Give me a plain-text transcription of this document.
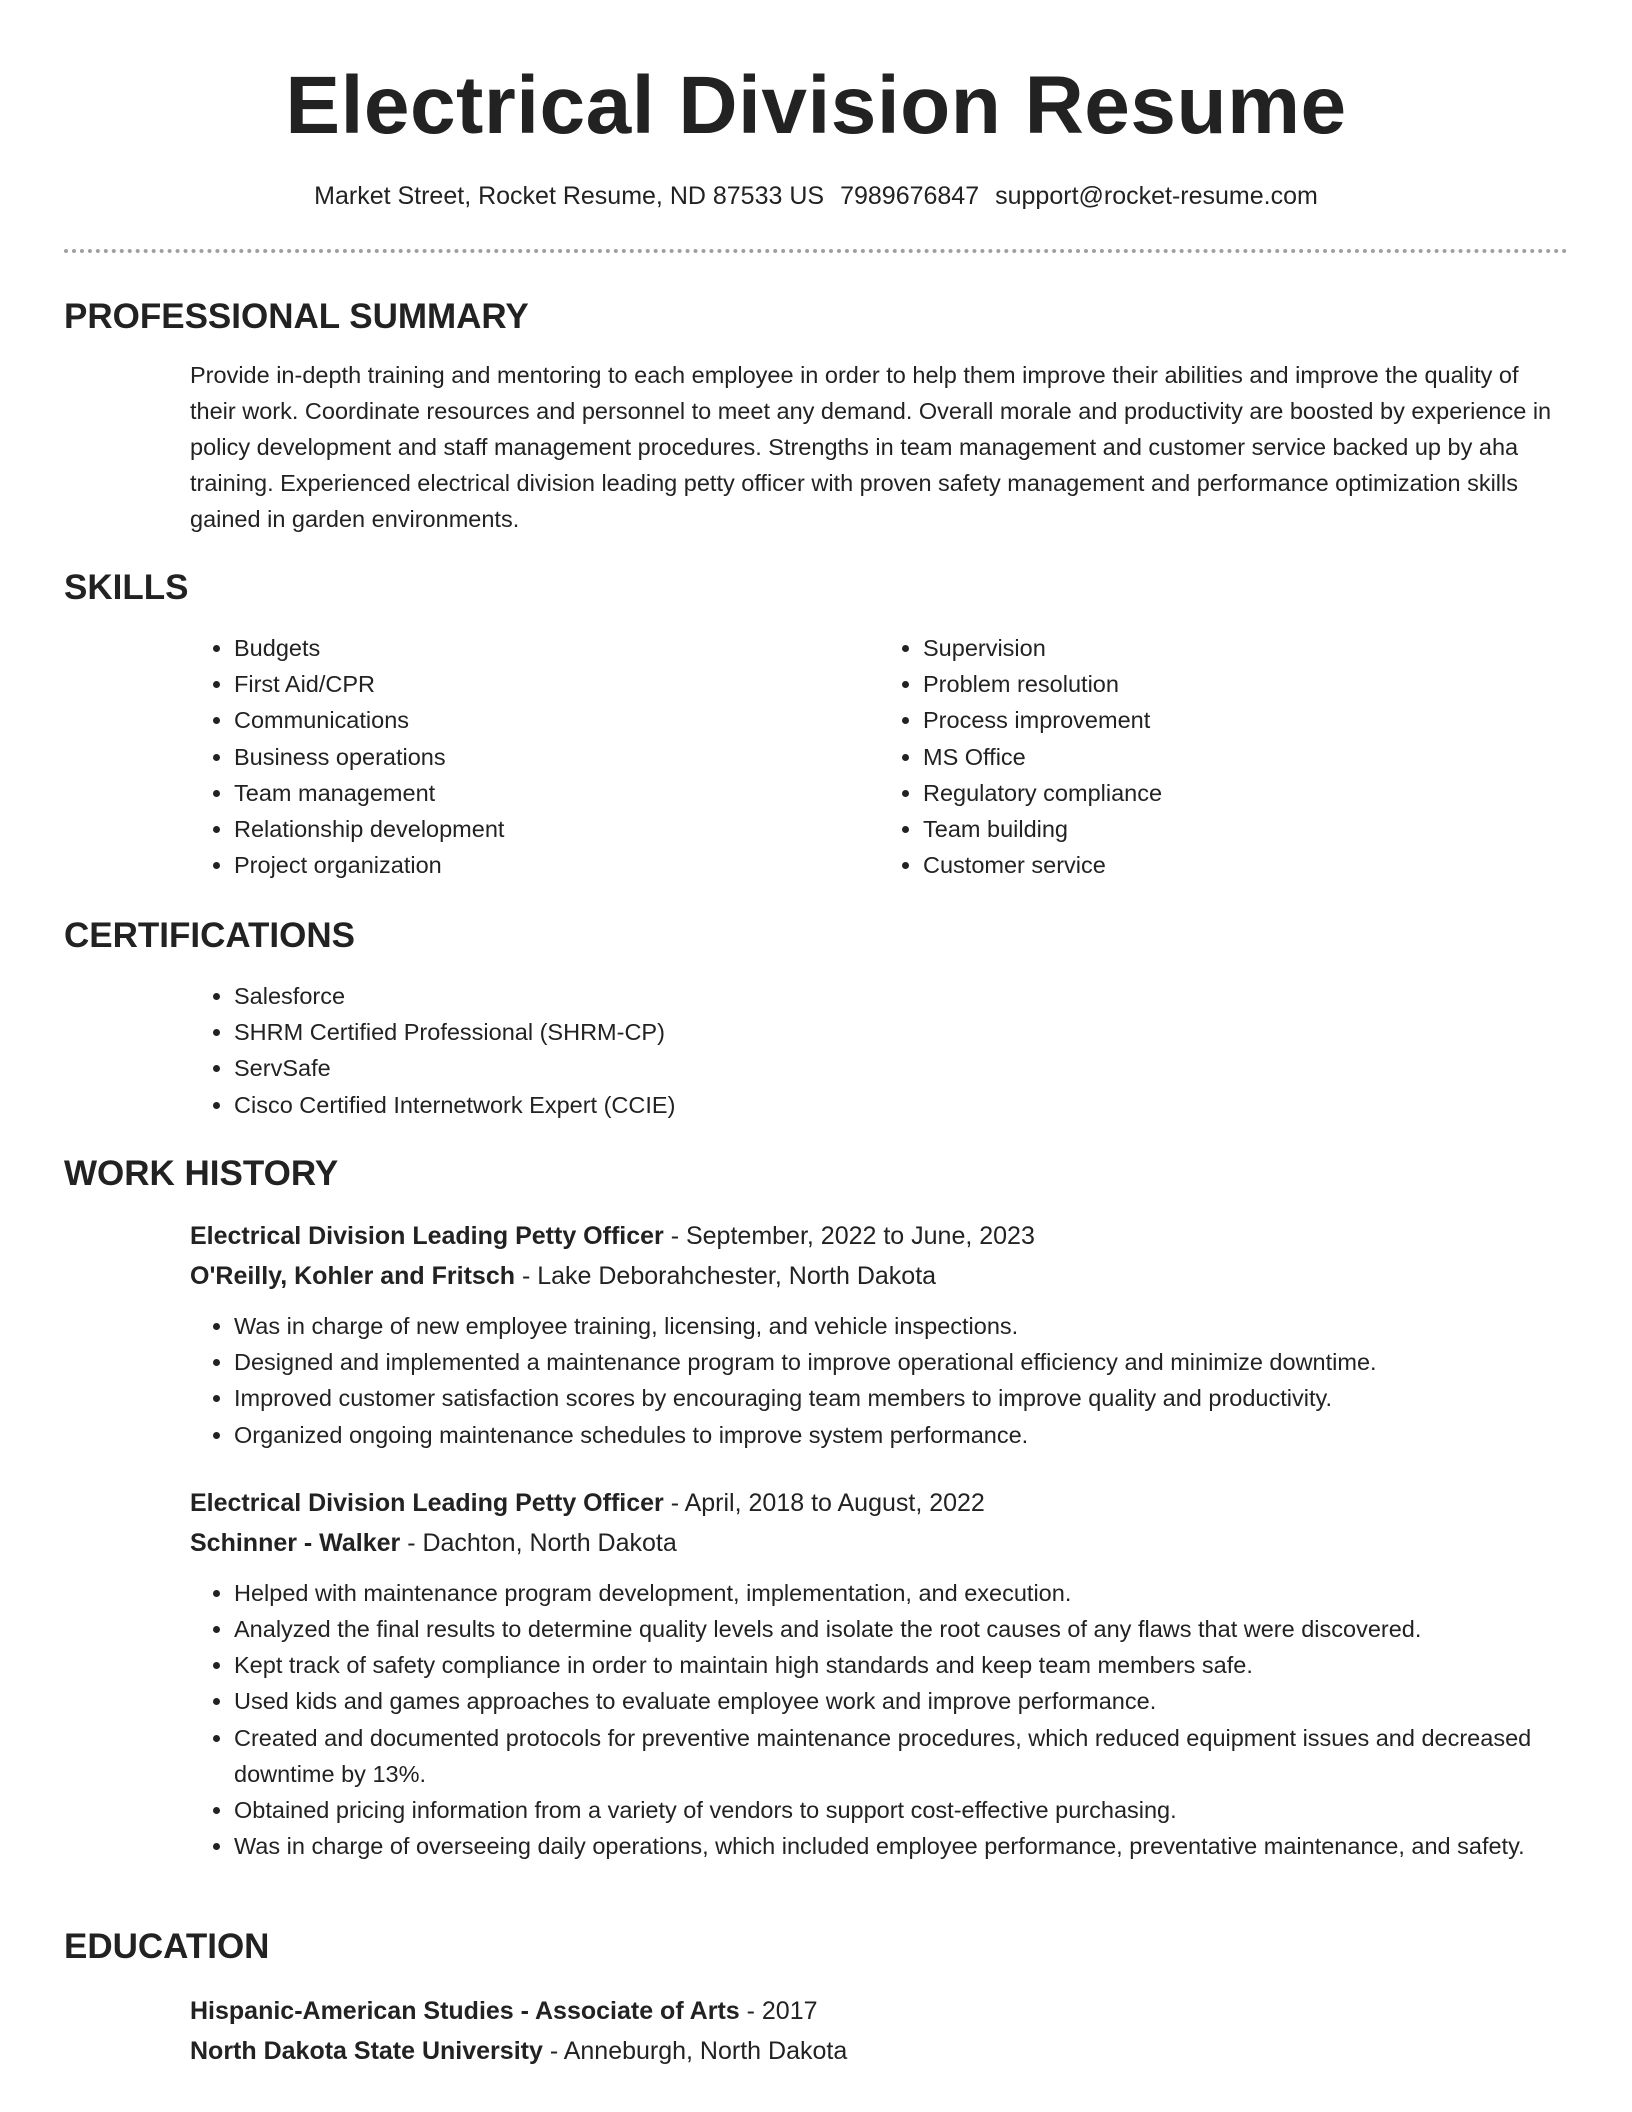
Electrical Division Resume
Market Street, Rocket Resume, ND 87533 US 7989676847 support@rocket-resume.com
PROFESSIONAL SUMMARY

Provide in-depth training and mentoring to each employee in order to help them improve their abilities and improve the quality of their work. Coordinate resources and personnel to meet any demand. Overall morale and productivity are boosted by experience in policy development and staff management procedures. Strengths in team management and customer service backed up by aha training. Experienced electrical division leading petty officer with proven safety management and performance optimization skills gained in garden environments.

SKILLS
• Budgets
• First Aid/CPR
• Communications
• Business operations
• Team management
• Relationship development
• Project organization
• Supervision
• Problem resolution
• Process improvement
• MS Office
• Regulatory compliance
• Team building
• Customer service
CERTIFICATIONS
• Salesforce
• SHRM Certified Professional (SHRM-CP)
• ServSafe
• Cisco Certified Internetwork Expert (CCIE)
WORK HISTORY

Electrical Division Leading Petty Officer - September, 2022 to June, 2023

O'Reilly, Kohler and Fritsch - Lake Deborahchester, North Dakota

• Was in charge of new employee training, licensing, and vehicle inspections.
• Designed and implemented a maintenance program to improve operational efficiency and minimize downtime.
• Improved customer satisfaction scores by encouraging team members to improve quality and productivity.
• Organized ongoing maintenance schedules to improve system performance.

Electrical Division Leading Petty Officer - April, 2018 to August, 2022

Schinner - Walker - Dachton, North Dakota

• Helped with maintenance program development, implementation, and execution.
• Analyzed the final results to determine quality levels and isolate the root causes of any flaws that were discovered.
• Kept track of safety compliance in order to maintain high standards and keep team members safe.
• Used kids and games approaches to evaluate employee work and improve performance.
• Created and documented protocols for preventive maintenance procedures, which reduced equipment issues and decreased downtime by 13%.
• Obtained pricing information from a variety of vendors to support cost-effective purchasing.
• Was in charge of overseeing daily operations, which included employee performance, preventative maintenance, and safety.
EDUCATION

Hispanic-American Studies - Associate of Arts - 2017

North Dakota State University - Anneburgh, North Dakota
